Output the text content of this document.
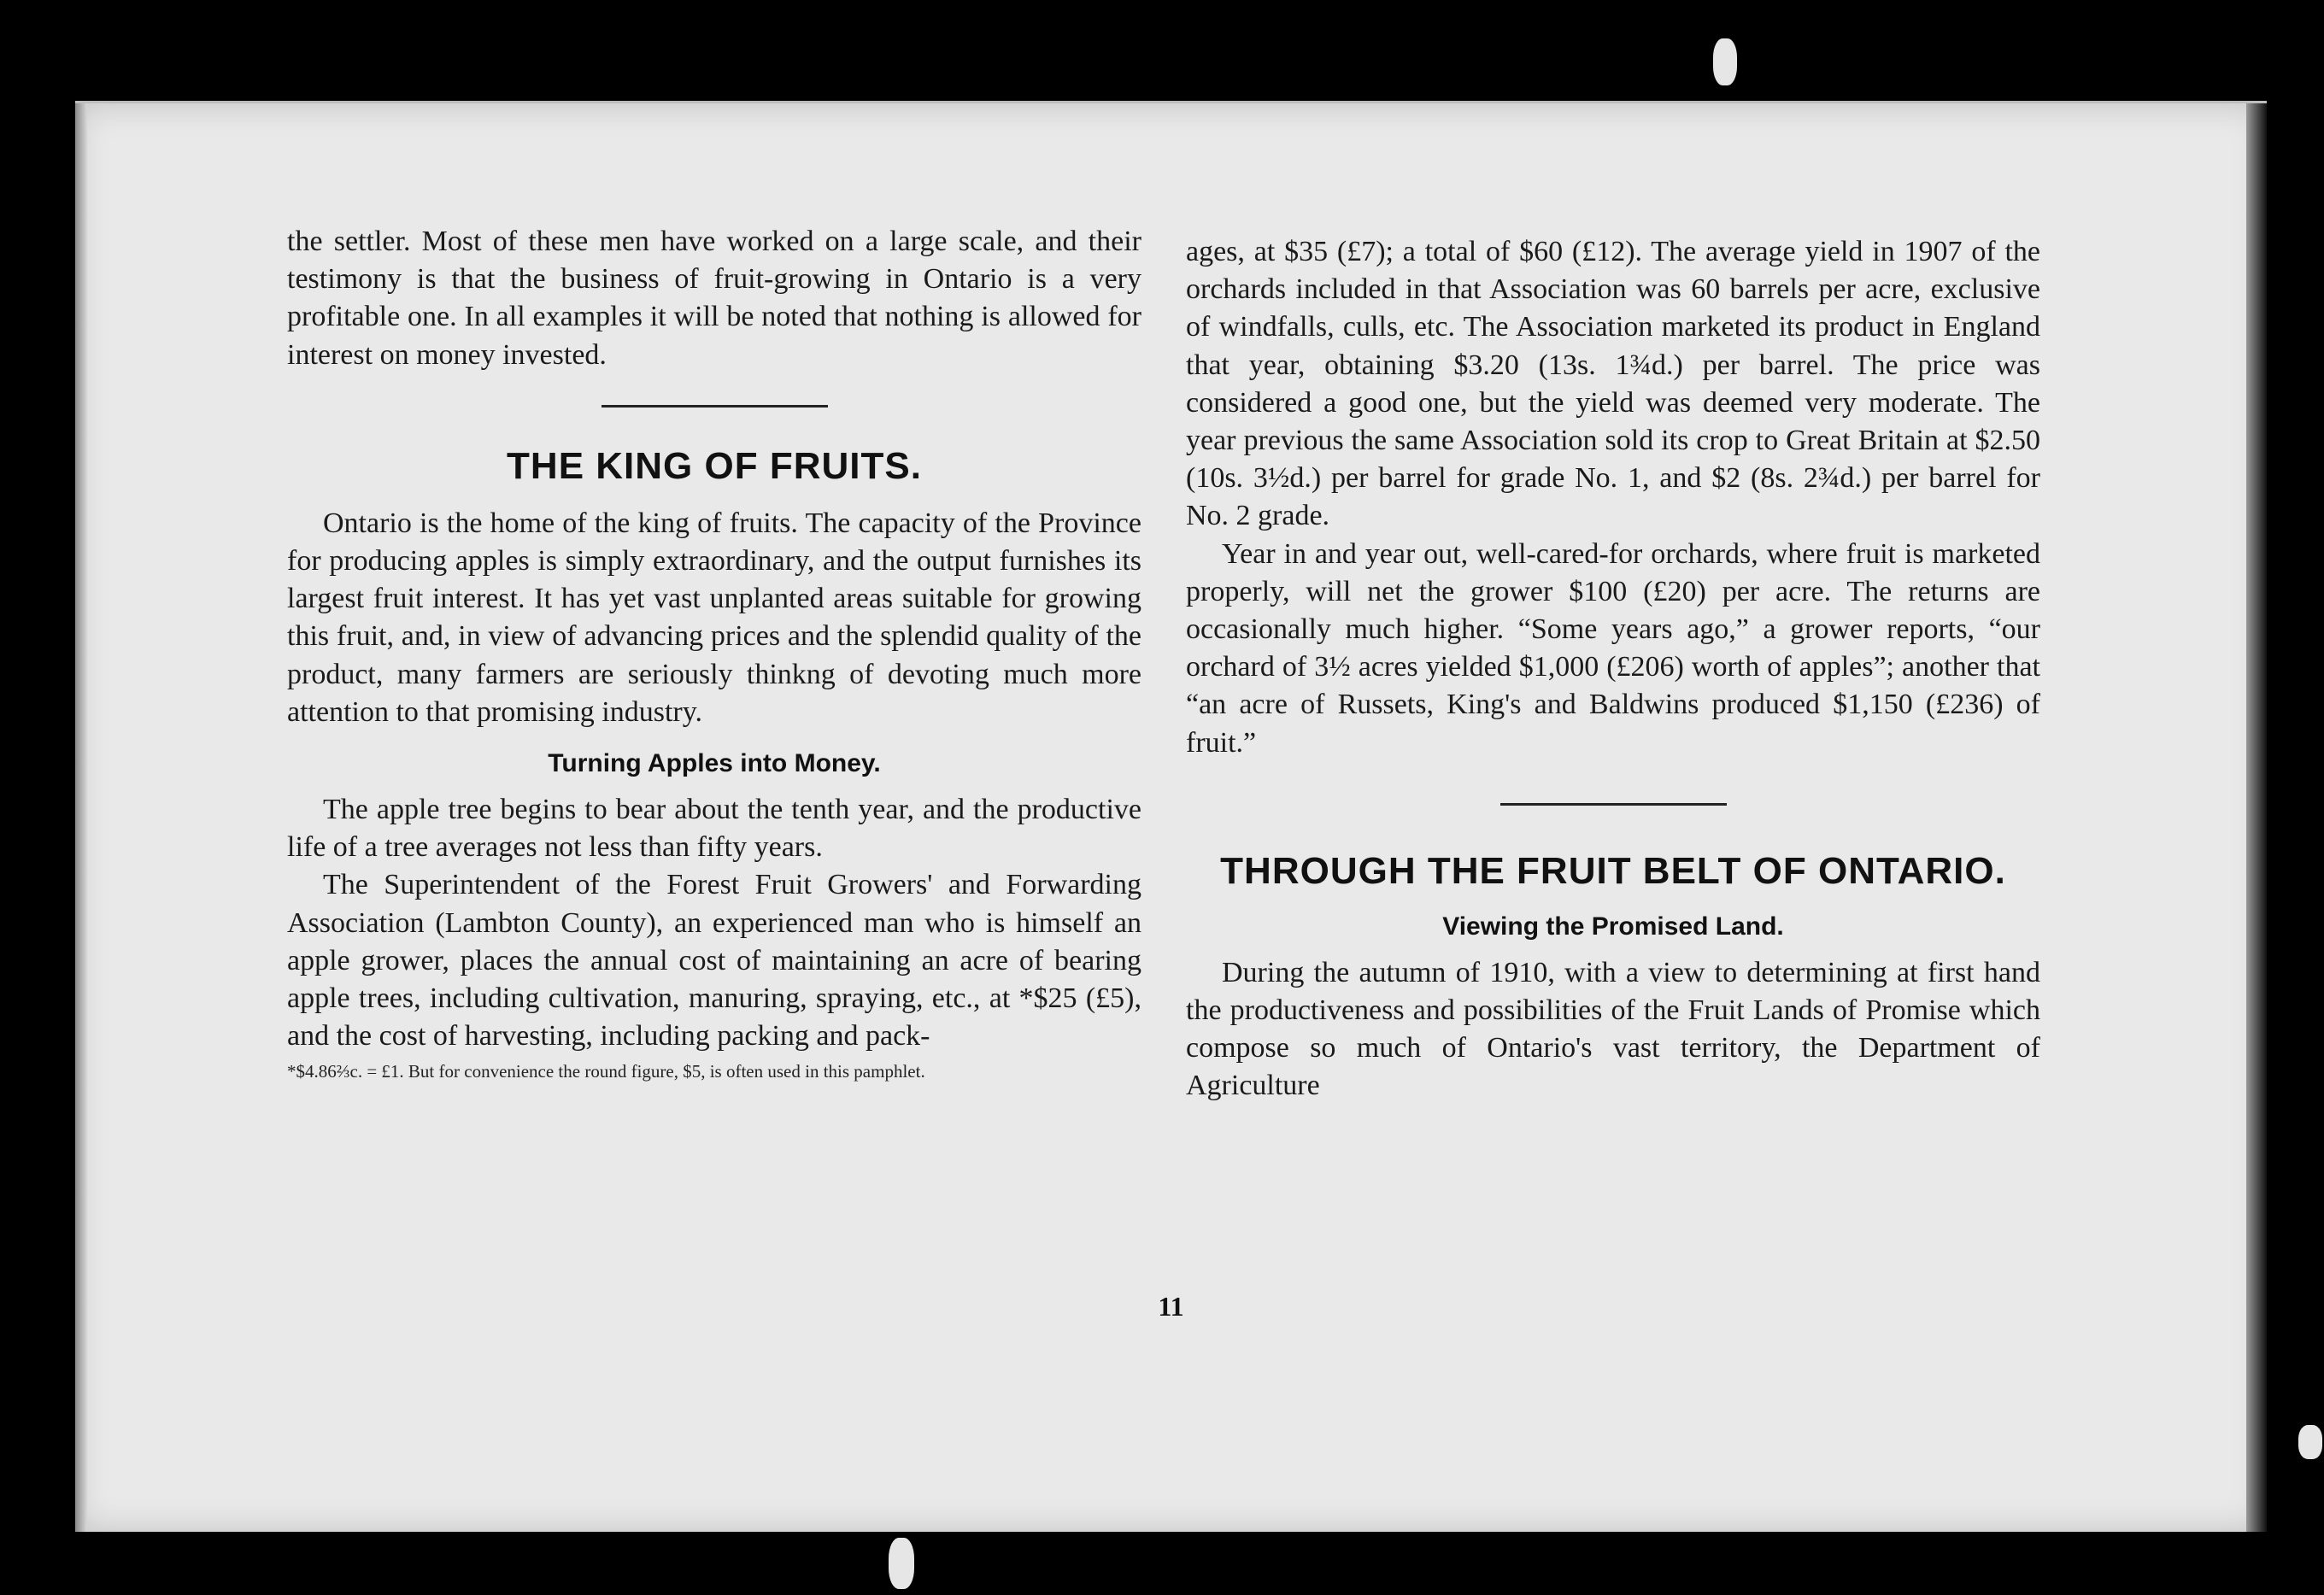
the settler. Most of these men have worked on a large scale, and their testimony is that the business of fruit-growing in Ontario is a very profitable one. In all examples it will be noted that nothing is allowed for interest on money invested.

THE KING OF FRUITS.

Ontario is the home of the king of fruits. The capacity of the Province for producing apples is simply extraordinary, and the output furnishes its largest fruit interest. It has yet vast unplanted areas suitable for growing this fruit, and, in view of advancing prices and the splendid quality of the product, many farmers are seriously thinkng of devoting much more attention to that promising industry.

Turning Apples into Money.

The apple tree begins to bear about the tenth year, and the productive life of a tree averages not less than fifty years.

The Superintendent of the Forest Fruit Growers' and Forwarding Association (Lambton County), an experienced man who is himself an apple grower, places the annual cost of maintaining an acre of bearing apple trees, including cultivation, manuring, spraying, etc., at *$25 (£5), and the cost of harvesting, including packing and pack-

*$4.86⅔c. = £1. But for convenience the round figure, $5, is often used in this pamphlet.

ages, at $35 (£7); a total of $60 (£12). The average yield in 1907 of the orchards included in that Association was 60 barrels per acre, exclusive of windfalls, culls, etc. The Association marketed its product in England that year, obtaining $3.20 (13s. 1¾d.) per barrel. The price was considered a good one, but the yield was deemed very moderate. The year previous the same Association sold its crop to Great Britain at $2.50 (10s. 3½d.) per barrel for grade No. 1, and $2 (8s. 2¾d.) per barrel for No. 2 grade.

Year in and year out, well-cared-for orchards, where fruit is marketed properly, will net the grower $100 (£20) per acre. The returns are occasionally much higher. “Some years ago,” a grower reports, “our orchard of 3½ acres yielded $1,000 (£206) worth of apples”; another that “an acre of Russets, King's and Baldwins produced $1,150 (£236) of fruit.”

THROUGH THE FRUIT BELT OF ONTARIO.
Viewing the Promised Land.

During the autumn of 1910, with a view to determining at first hand the productiveness and possibilities of the Fruit Lands of Promise which compose so much of Ontario's vast territory, the Department of Agriculture

11
